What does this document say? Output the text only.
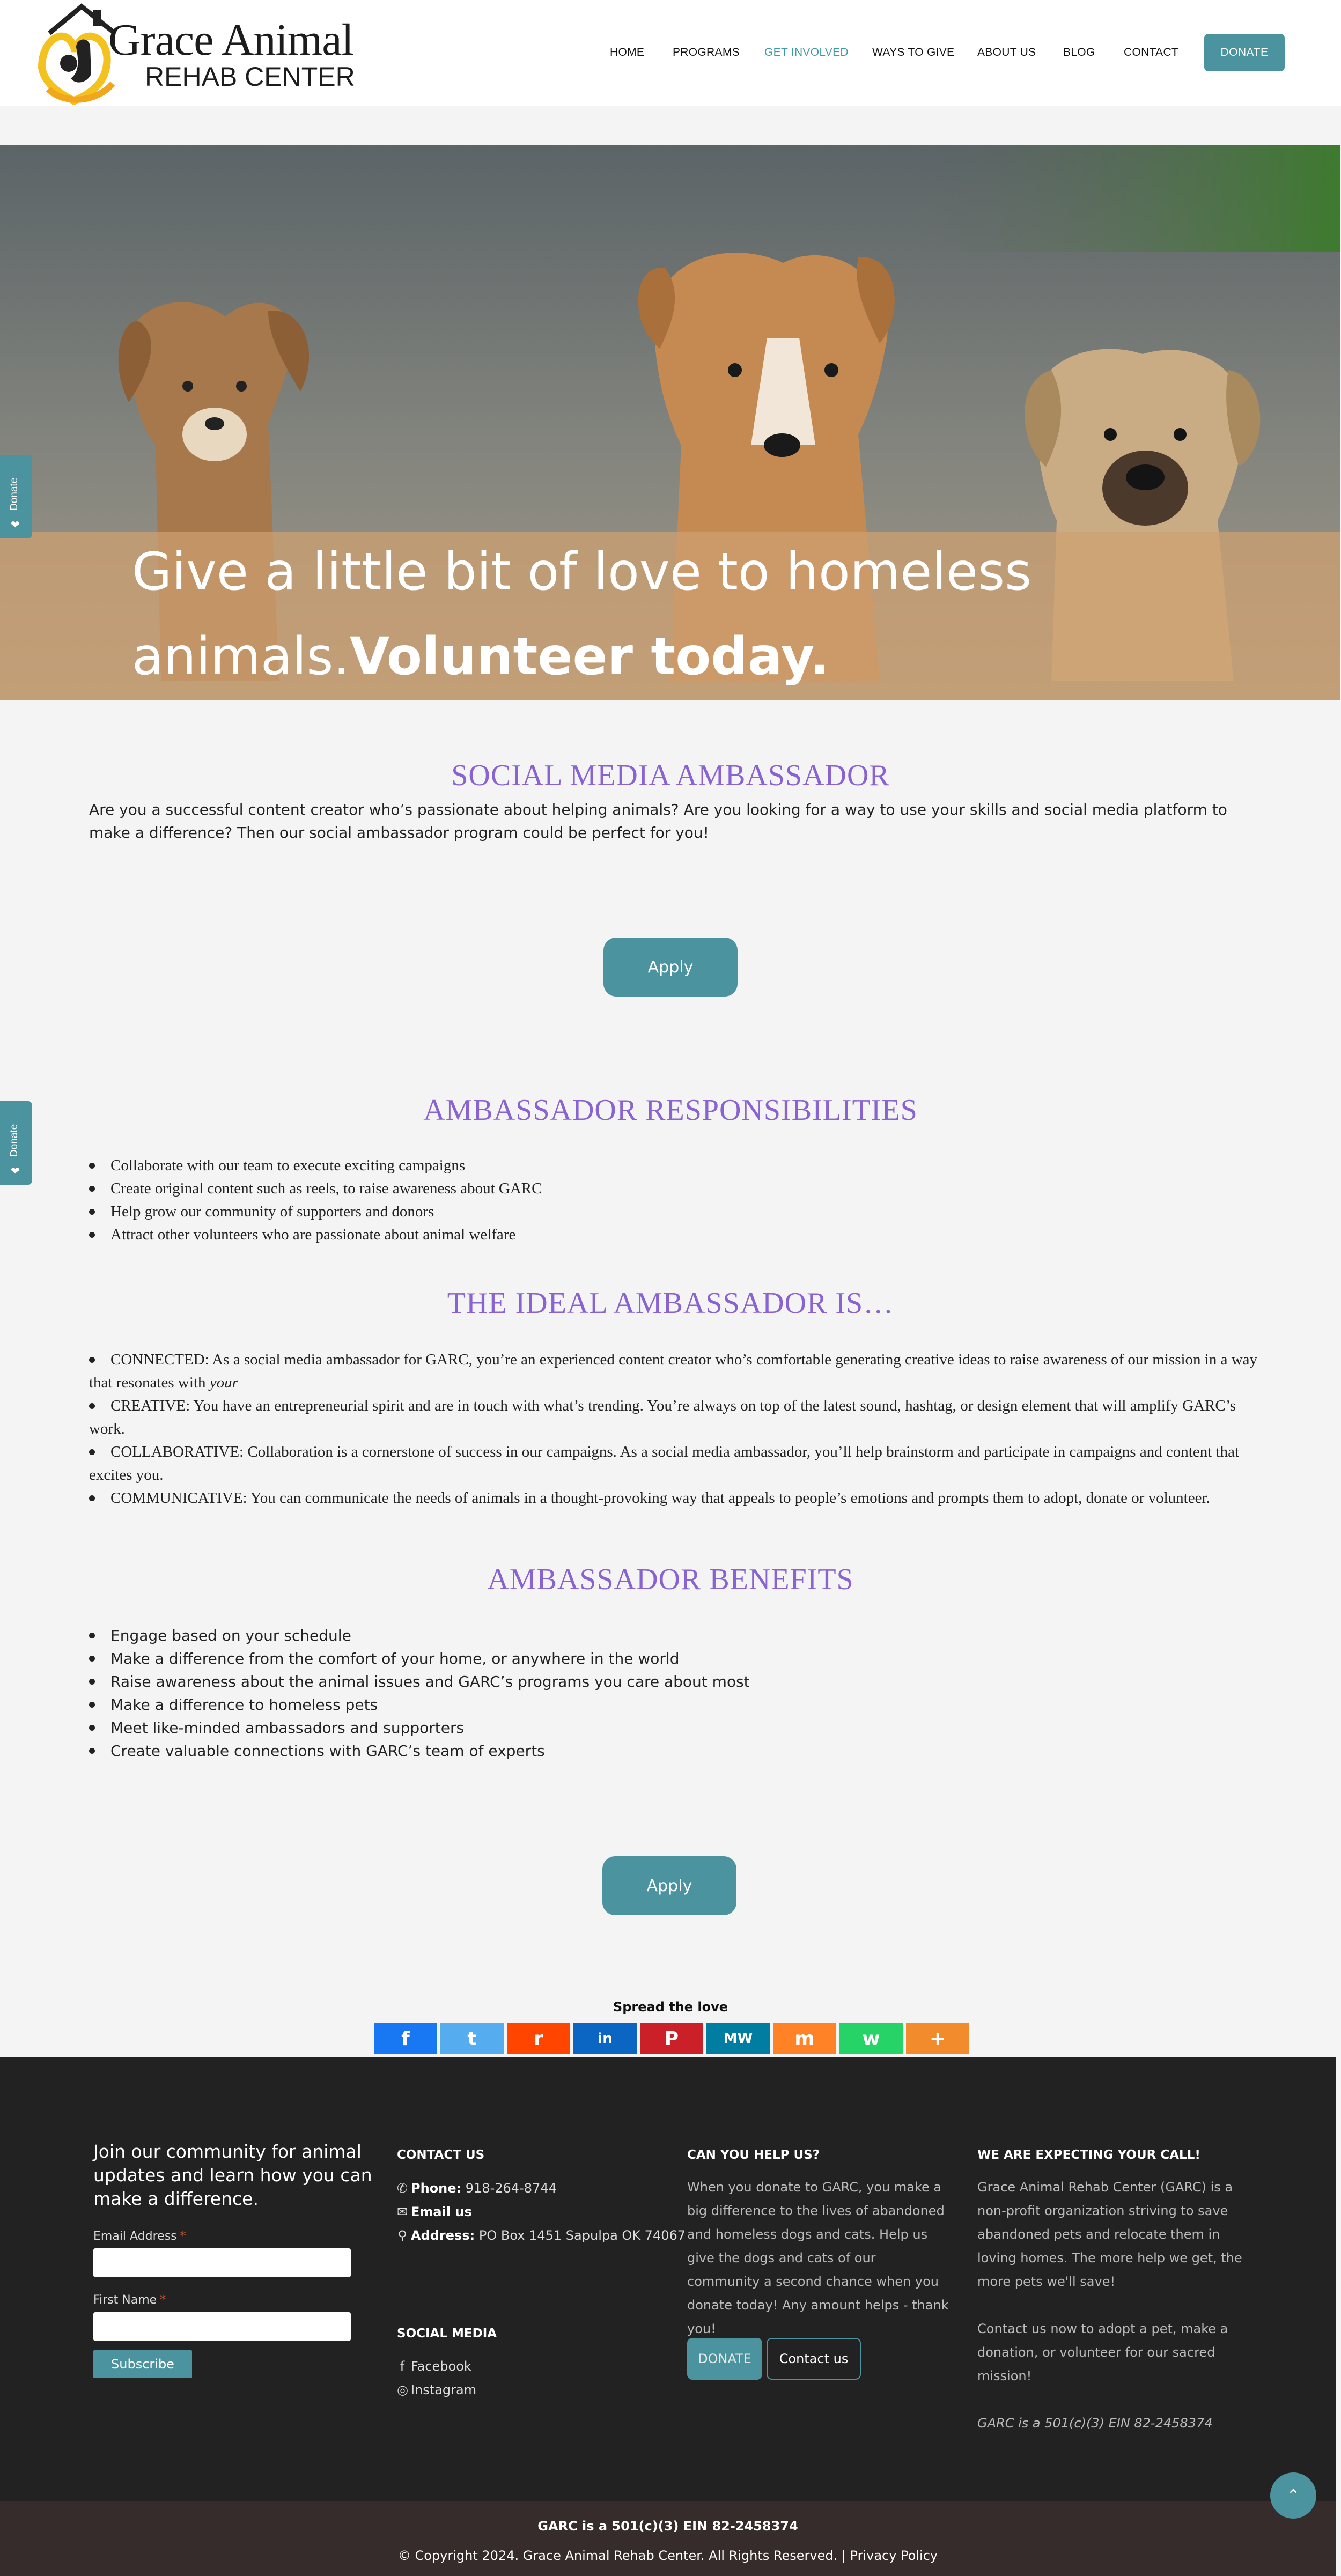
Grace Animal
REHAB CENTER
HOME	PROGRAMS GET INVOLVED WAYS TO GIVE ABOUT US BLOG	CONTACT	DONATE
Give a little bit of love to homeless
animals.Volunteer today.
Donate
❤
Donate
❤
SOCIAL MEDIA AMBASSADOR
Are you a successful content creator who’s passionate about helping animals? Are you looking for a way to use your skills and social media platform to make a difference? Then our social ambassador program could be perfect for you!
Apply
AMBASSADOR RESPONSIBILITIES
Collaborate with our team to execute exciting campaigns
Create original content such as reels, to raise awareness about GARC
Help grow our community of supporters and donors
Attract other volunteers who are passionate about animal welfare
THE IDEAL AMBASSADOR IS…
CONNECTED: As a social media ambassador for GARC, you’re an experienced content creator who’s comfortable generating creative ideas to raise awareness of our mission in a way that resonates with your
CREATIVE: You have an entrepreneurial spirit and are in touch with what’s trending. You’re always on top of the latest sound, hashtag, or design element that will amplify GARC’s work.
COLLABORATIVE: Collaboration is a cornerstone of success in our campaigns. As a social media ambassador, you’ll help brainstorm and participate in campaigns and content that excites you.
COMMUNICATIVE: You can communicate the needs of animals in a thought-provoking way that appeals to people’s emotions and prompts them to adopt, donate or volunteer.
AMBASSADOR BENEFITS
Engage based on your schedule
Make a difference from the comfort of your home, or anywhere in the world
Raise awareness about the animal issues and GARC’s programs you care about most
Make a difference to homeless pets
Meet like-minded ambassadors and supporters
Create valuable connections with GARC’s team of experts
Apply
Spread the love
f	t	r	in	P	MW m w	+
Join our community for animal updates and learn how you can make a difference.
Email Address *
First Name *
Subscribe
CONTACT US
✆ Phone: 918-264-8744
✉ Email us
⚲ Address: PO Box 1451 Sapulpa OK 74067
SOCIAL MEDIA
f Facebook
◎ Instagram
CAN YOU HELP US?
When you donate to GARC, you make a big difference to the lives of abandoned and homeless dogs and cats. Help us give the dogs and cats of our community a second chance when you donate today! Any amount helps - thank you!
DONATE	Contact us
WE ARE EXPECTING YOUR CALL!
Grace Animal Rehab Center (GARC) is a non-profit organization striving to save abandoned pets and relocate them in loving homes. The more help we get, the more pets we'll save!
Contact us now to adopt a pet, make a donation, or volunteer for our sacred mission!
GARC is a 501(c)(3) EIN 82-2458374
GARC is a 501(c)(3) EIN 82-2458374
© Copyright 2024. Grace Animal Rehab Center. All Rights Reserved. | Privacy Policy
⌃
